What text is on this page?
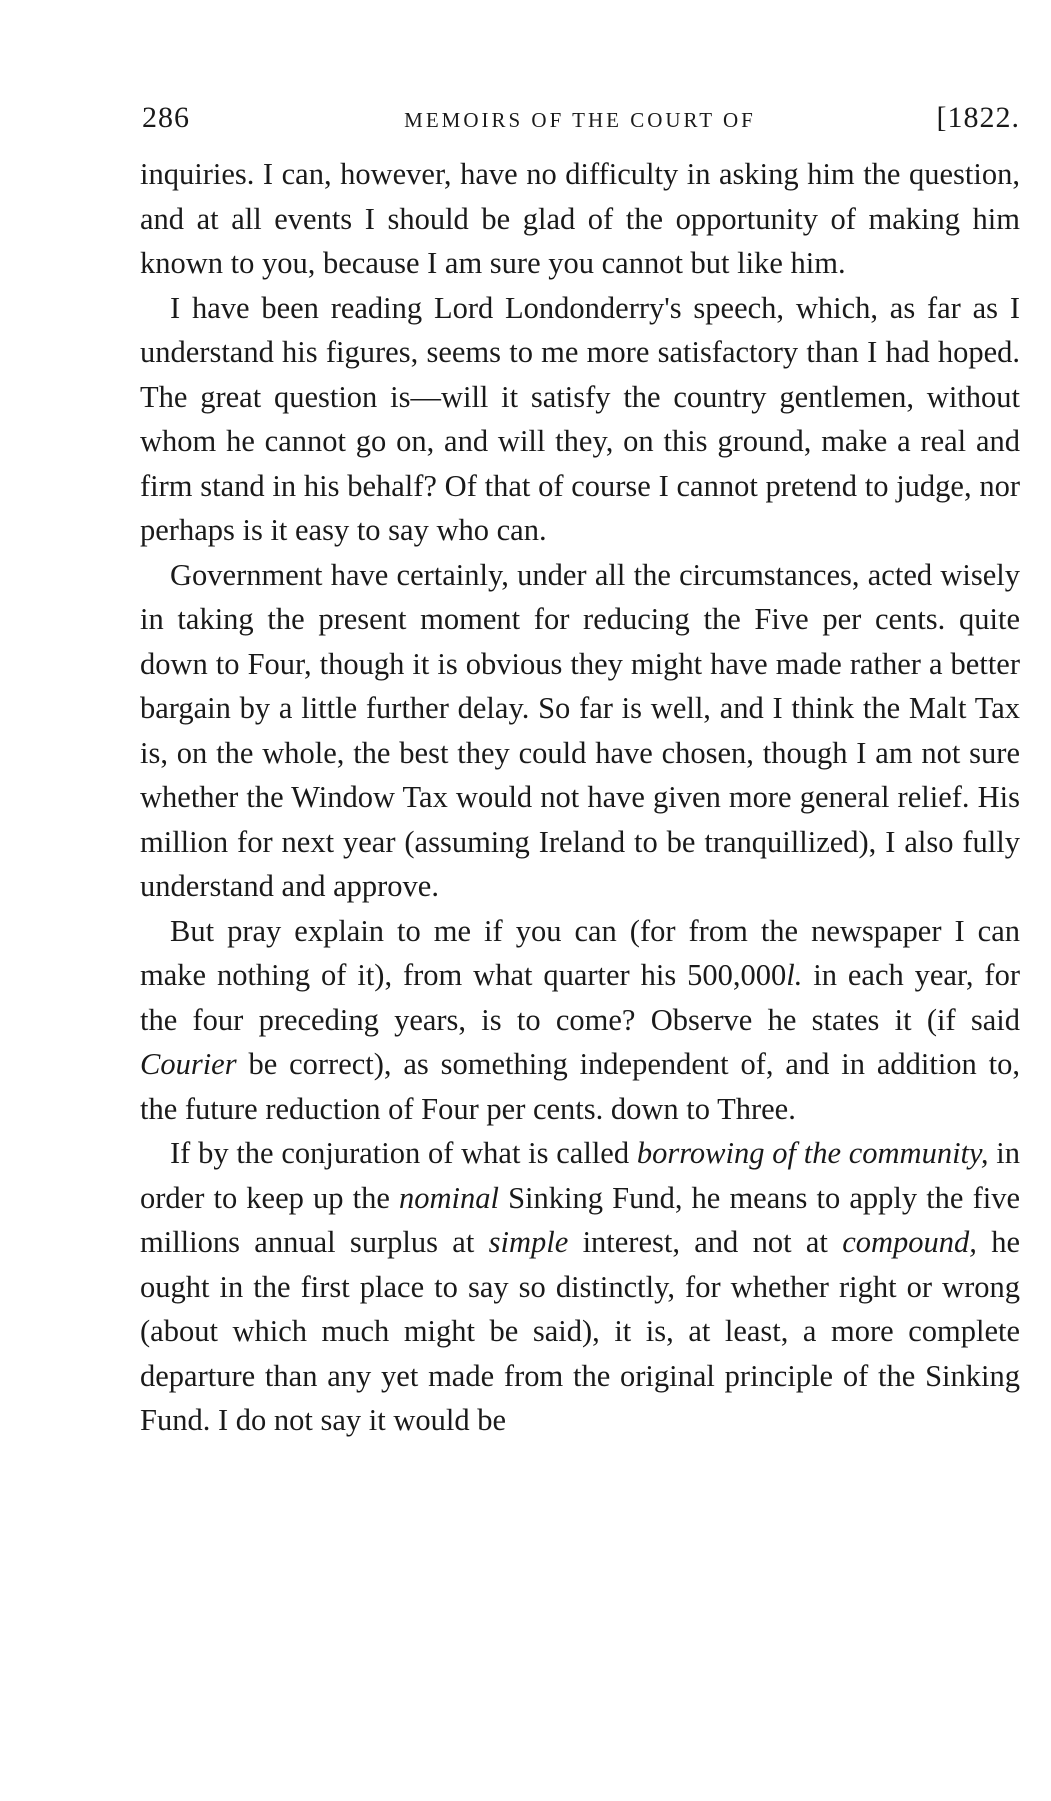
286	MEMOIRS OF THE COURT OF	[1822.

inquiries. I can, however, have no difficulty in asking him the question, and at all events I should be glad of the opportunity of making him known to you, because I am sure you cannot but like him.

I have been reading Lord Londonderry's speech, which, as far as I understand his figures, seems to me more satisfactory than I had hoped. The great question is—will it satisfy the country gentlemen, without whom he cannot go on, and will they, on this ground, make a real and firm stand in his behalf? Of that of course I cannot pretend to judge, nor perhaps is it easy to say who can.

Government have certainly, under all the circumstances, acted wisely in taking the present moment for reducing the Five per cents. quite down to Four, though it is obvious they might have made rather a better bargain by a little further delay. So far is well, and I think the Malt Tax is, on the whole, the best they could have chosen, though I am not sure whether the Window Tax would not have given more general relief. His million for next year (assuming Ireland to be tranquillized), I also fully understand and approve.

But pray explain to me if you can (for from the newspaper I can make nothing of it), from what quarter his 500,000l. in each year, for the four preceding years, is to come? Observe he states it (if said Courier be correct), as something independent of, and in addition to, the future reduction of Four per cents. down to Three.

If by the conjuration of what is called borrowing of the community, in order to keep up the nominal Sinking Fund, he means to apply the five millions annual surplus at simple interest, and not at compound, he ought in the first place to say so distinctly, for whether right or wrong (about which much might be said), it is, at least, a more complete departure than any yet made from the original principle of the Sinking Fund. I do not say it would be
